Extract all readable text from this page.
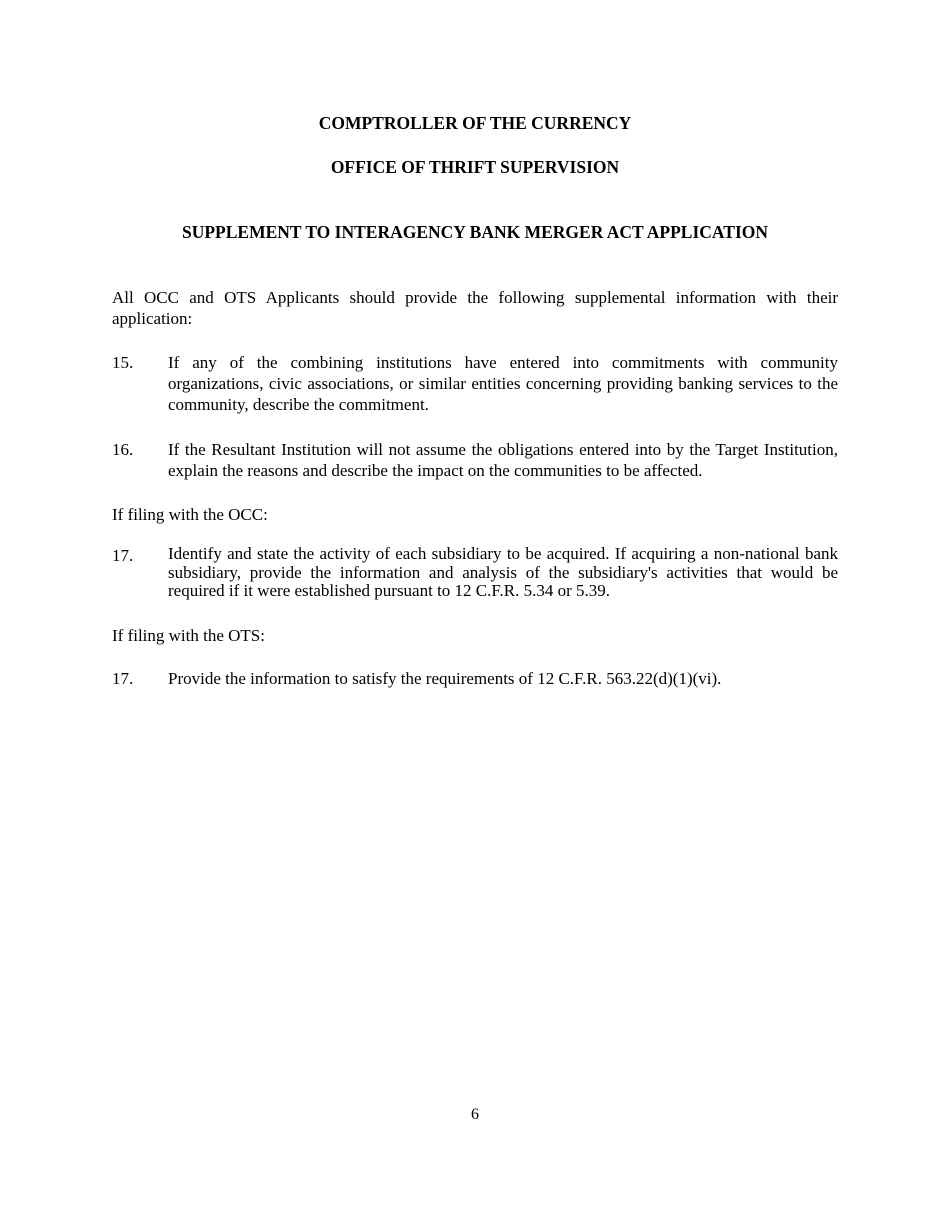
COMPTROLLER OF THE CURRENCY
OFFICE OF THRIFT SUPERVISION
SUPPLEMENT TO INTERAGENCY BANK MERGER ACT APPLICATION

All OCC and OTS Applicants should provide the following supplemental information with their application:

15.	If any of the combining institutions have entered into commitments with community organizations, civic associations, or similar entities concerning providing banking services to the community, describe the commitment.
16.	If the Resultant Institution will not assume the obligations entered into by the Target Institution, explain the reasons and describe the impact on the communities to be affected.

If filing with the OCC:

17.	Identify and state the activity of each subsidiary to be acquired. If acquiring a non-national bank subsidiary, provide the information and analysis of the subsidiary's activities that would be required if it were established pursuant to 12 C.F.R. 5.34 or 5.39.

If filing with the OTS:

17.	Provide the information to satisfy the requirements of 12 C.F.R. 563.22(d)(1)(vi).
6
